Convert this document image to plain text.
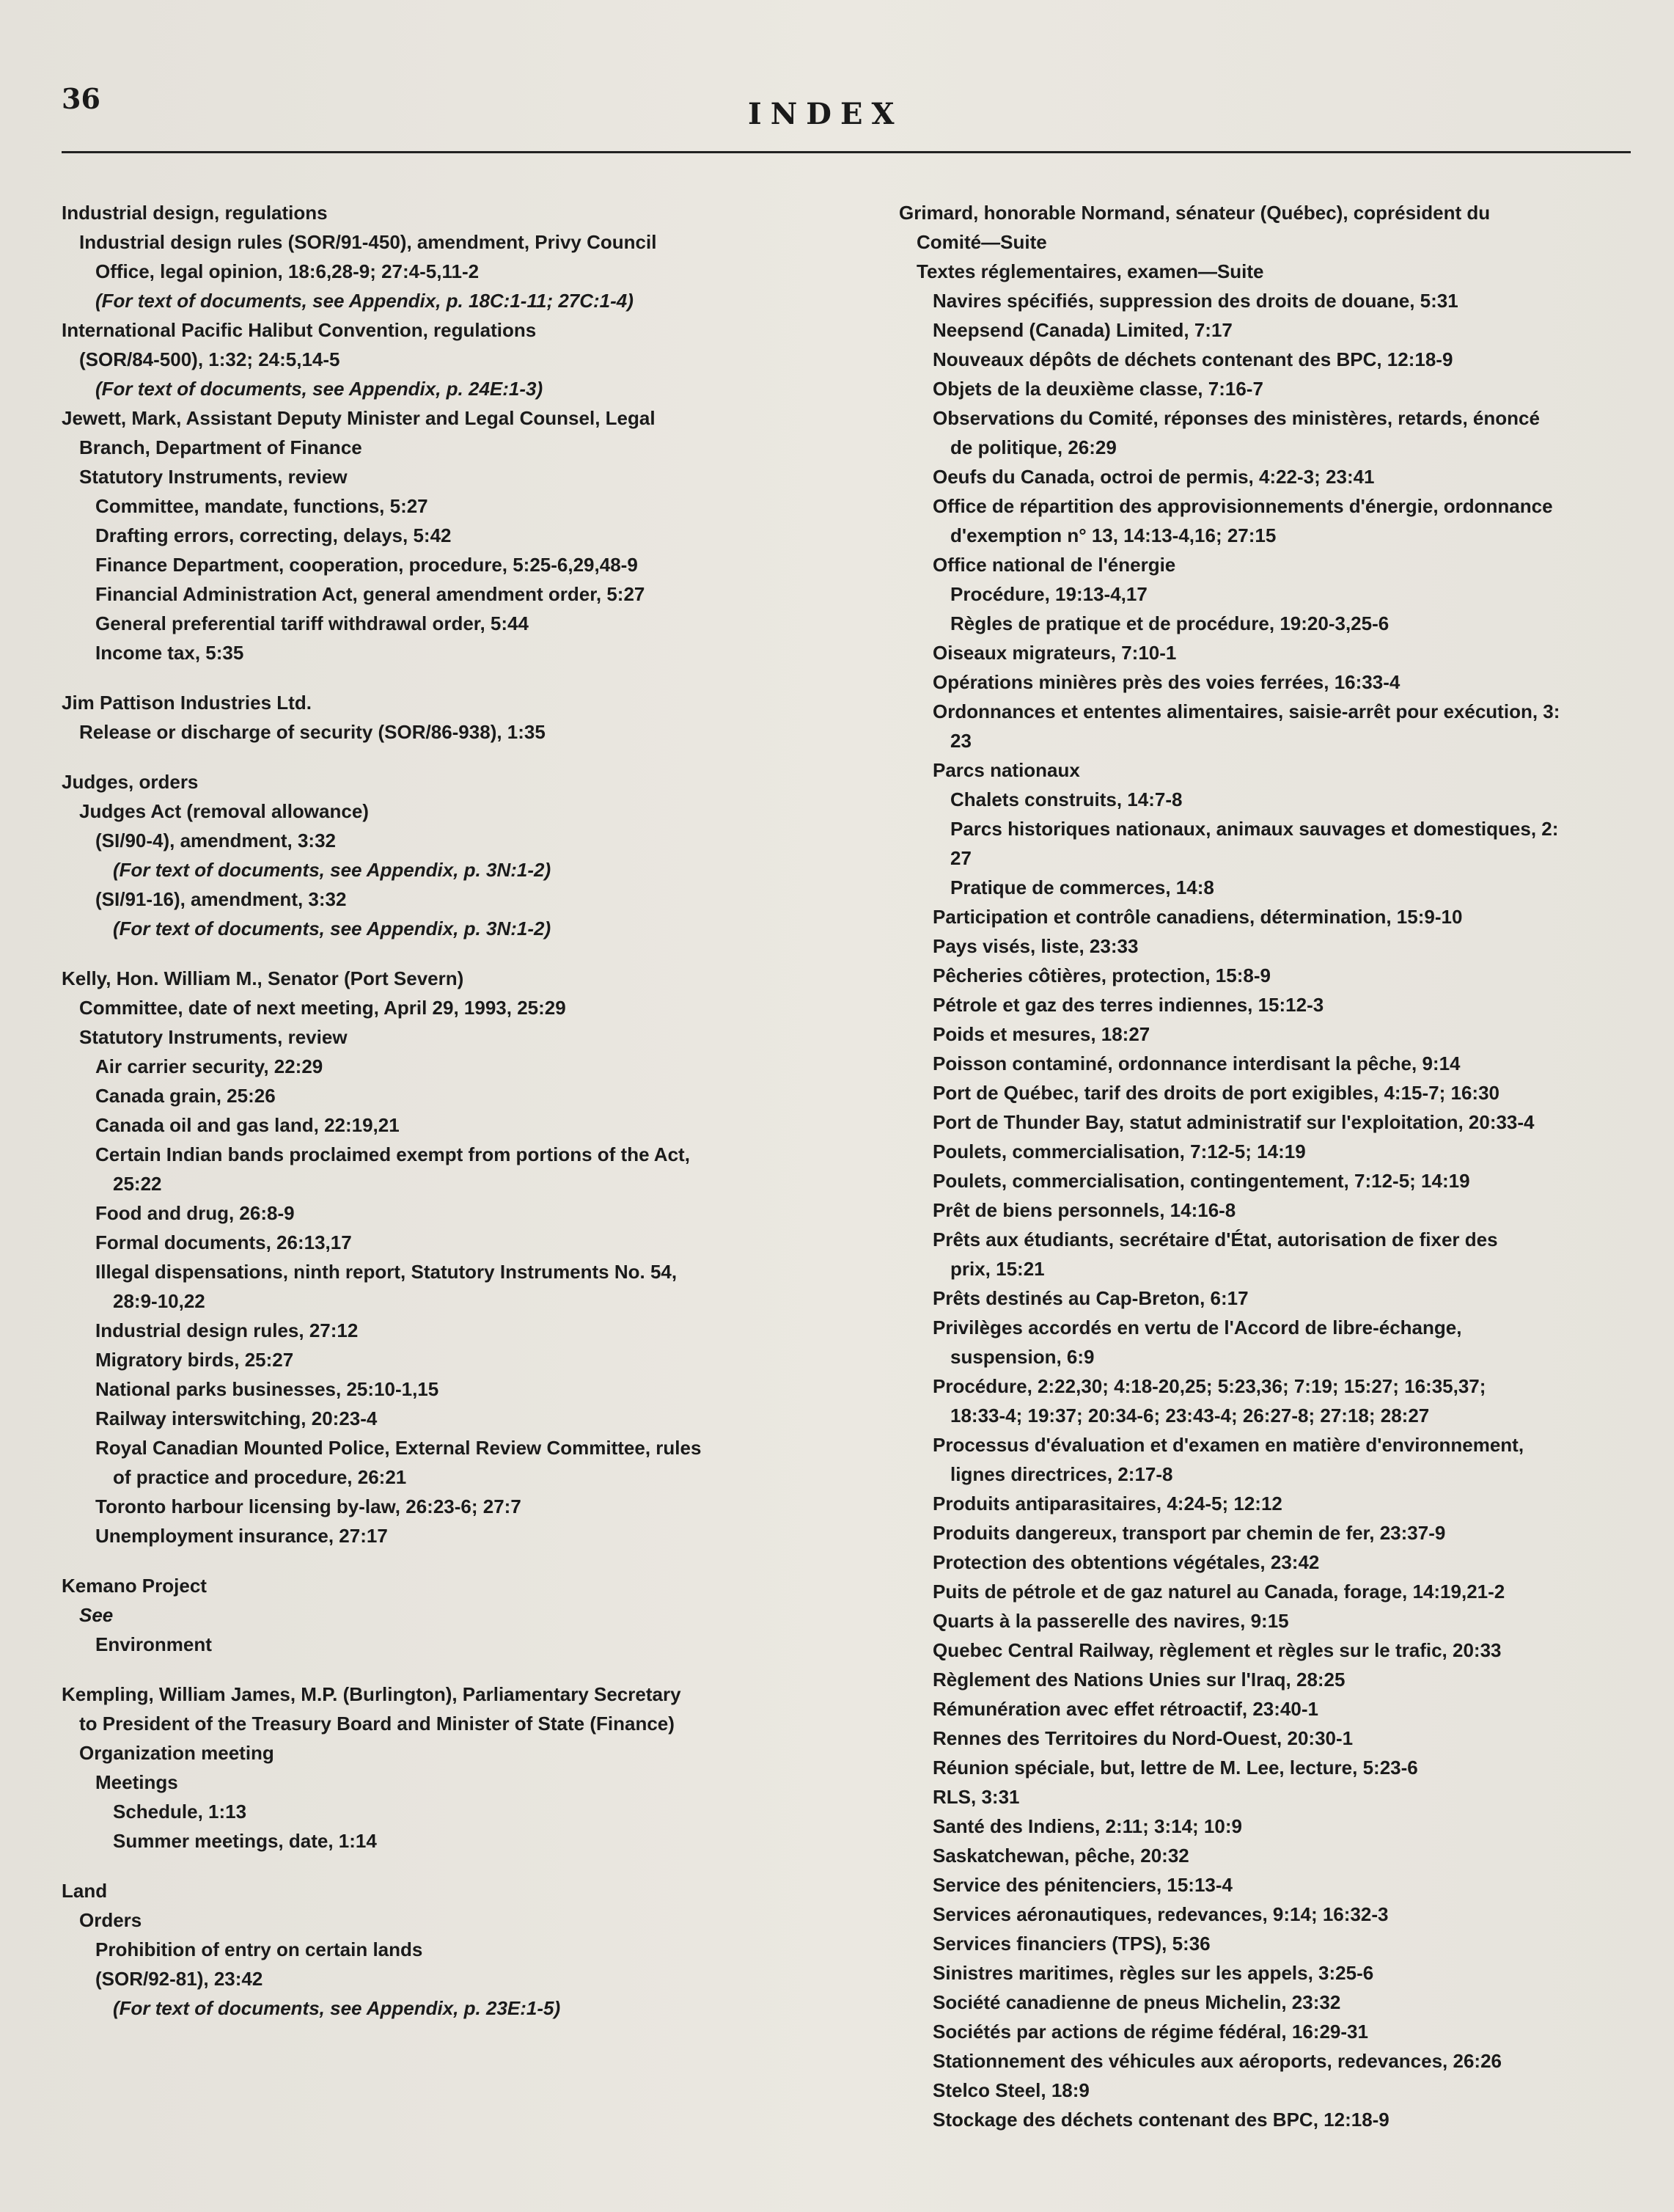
36	INDEX
Industrial design, regulations
Industrial design rules (SOR/91-450), amendment, Privy Council
Office, legal opinion, 18:6,28-9; 27:4-5,11-2
(For text of documents, see Appendix, p. 18C:1-11; 27C:1-4)
International Pacific Halibut Convention, regulations
(SOR/84-500), 1:32; 24:5,14-5
(For text of documents, see Appendix, p. 24E:1-3)
Jewett, Mark, Assistant Deputy Minister and Legal Counsel, Legal
Branch, Department of Finance
Statutory Instruments, review
Committee, mandate, functions, 5:27
Drafting errors, correcting, delays, 5:42
Finance Department, cooperation, procedure, 5:25-6,29,48-9
Financial Administration Act, general amendment order, 5:27
General preferential tariff withdrawal order, 5:44
Income tax, 5:35
Jim Pattison Industries Ltd.
Release or discharge of security (SOR/86-938), 1:35
Judges, orders
Judges Act (removal allowance)
(SI/90-4), amendment, 3:32
(For text of documents, see Appendix, p. 3N:1-2)
(SI/91-16), amendment, 3:32
(For text of documents, see Appendix, p. 3N:1-2)
Kelly, Hon. William M., Senator (Port Severn)
Committee, date of next meeting, April 29, 1993, 25:29
Statutory Instruments, review
Air carrier security, 22:29
Canada grain, 25:26
Canada oil and gas land, 22:19,21
Certain Indian bands proclaimed exempt from portions of the Act,
25:22
Food and drug, 26:8-9
Formal documents, 26:13,17
Illegal dispensations, ninth report, Statutory Instruments No. 54,
28:9-10,22
Industrial design rules, 27:12
Migratory birds, 25:27
National parks businesses, 25:10-1,15
Railway interswitching, 20:23-4
Royal Canadian Mounted Police, External Review Committee, rules
of practice and procedure, 26:21
Toronto harbour licensing by-law, 26:23-6; 27:7
Unemployment insurance, 27:17
Kemano Project
See
Environment
Kempling, William James, M.P. (Burlington), Parliamentary Secretary
to President of the Treasury Board and Minister of State (Finance)
Organization meeting
Meetings
Schedule, 1:13
Summer meetings, date, 1:14
Land
Orders
Prohibition of entry on certain lands
(SOR/92-81), 23:42
(For text of documents, see Appendix, p. 23E:1-5)
Grimard, honorable Normand, sénateur (Québec), coprésident du
Comité—Suite
Textes réglementaires, examen—Suite
Navires spécifiés, suppression des droits de douane, 5:31
Neepsend (Canada) Limited, 7:17
Nouveaux dépôts de déchets contenant des BPC, 12:18-9
Objets de la deuxième classe, 7:16-7
Observations du Comité, réponses des ministères, retards, énoncé
de politique, 26:29
Oeufs du Canada, octroi de permis, 4:22-3; 23:41
Office de répartition des approvisionnements d'énergie, ordonnance
d'exemption n° 13, 14:13-4,16; 27:15
Office national de l'énergie
Procédure, 19:13-4,17
Règles de pratique et de procédure, 19:20-3,25-6
Oiseaux migrateurs, 7:10-1
Opérations minières près des voies ferrées, 16:33-4
Ordonnances et ententes alimentaires, saisie-arrêt pour exécution, 3:
23
Parcs nationaux
Chalets construits, 14:7-8
Parcs historiques nationaux, animaux sauvages et domestiques, 2:
27
Pratique de commerces, 14:8
Participation et contrôle canadiens, détermination, 15:9-10
Pays visés, liste, 23:33
Pêcheries côtières, protection, 15:8-9
Pétrole et gaz des terres indiennes, 15:12-3
Poids et mesures, 18:27
Poisson contaminé, ordonnance interdisant la pêche, 9:14
Port de Québec, tarif des droits de port exigibles, 4:15-7; 16:30
Port de Thunder Bay, statut administratif sur l'exploitation, 20:33-4
Poulets, commercialisation, 7:12-5; 14:19
Poulets, commercialisation, contingentement, 7:12-5; 14:19
Prêt de biens personnels, 14:16-8
Prêts aux étudiants, secrétaire d'État, autorisation de fixer des
prix, 15:21
Prêts destinés au Cap-Breton, 6:17
Privilèges accordés en vertu de l'Accord de libre-échange,
suspension, 6:9
Procédure, 2:22,30; 4:18-20,25; 5:23,36; 7:19; 15:27; 16:35,37;
18:33-4; 19:37; 20:34-6; 23:43-4; 26:27-8; 27:18; 28:27
Processus d'évaluation et d'examen en matière d'environnement,
lignes directrices, 2:17-8
Produits antiparasitaires, 4:24-5; 12:12
Produits dangereux, transport par chemin de fer, 23:37-9
Protection des obtentions végétales, 23:42
Puits de pétrole et de gaz naturel au Canada, forage, 14:19,21-2
Quarts à la passerelle des navires, 9:15
Quebec Central Railway, règlement et règles sur le trafic, 20:33
Règlement des Nations Unies sur l'Iraq, 28:25
Rémunération avec effet rétroactif, 23:40-1
Rennes des Territoires du Nord-Ouest, 20:30-1
Réunion spéciale, but, lettre de M. Lee, lecture, 5:23-6
RLS, 3:31
Santé des Indiens, 2:11; 3:14; 10:9
Saskatchewan, pêche, 20:32
Service des pénitenciers, 15:13-4
Services aéronautiques, redevances, 9:14; 16:32-3
Services financiers (TPS), 5:36
Sinistres maritimes, règles sur les appels, 3:25-6
Société canadienne de pneus Michelin, 23:32
Sociétés par actions de régime fédéral, 16:29-31
Stationnement des véhicules aux aéroports, redevances, 26:26
Stelco Steel, 18:9
Stockage des déchets contenant des BPC, 12:18-9
